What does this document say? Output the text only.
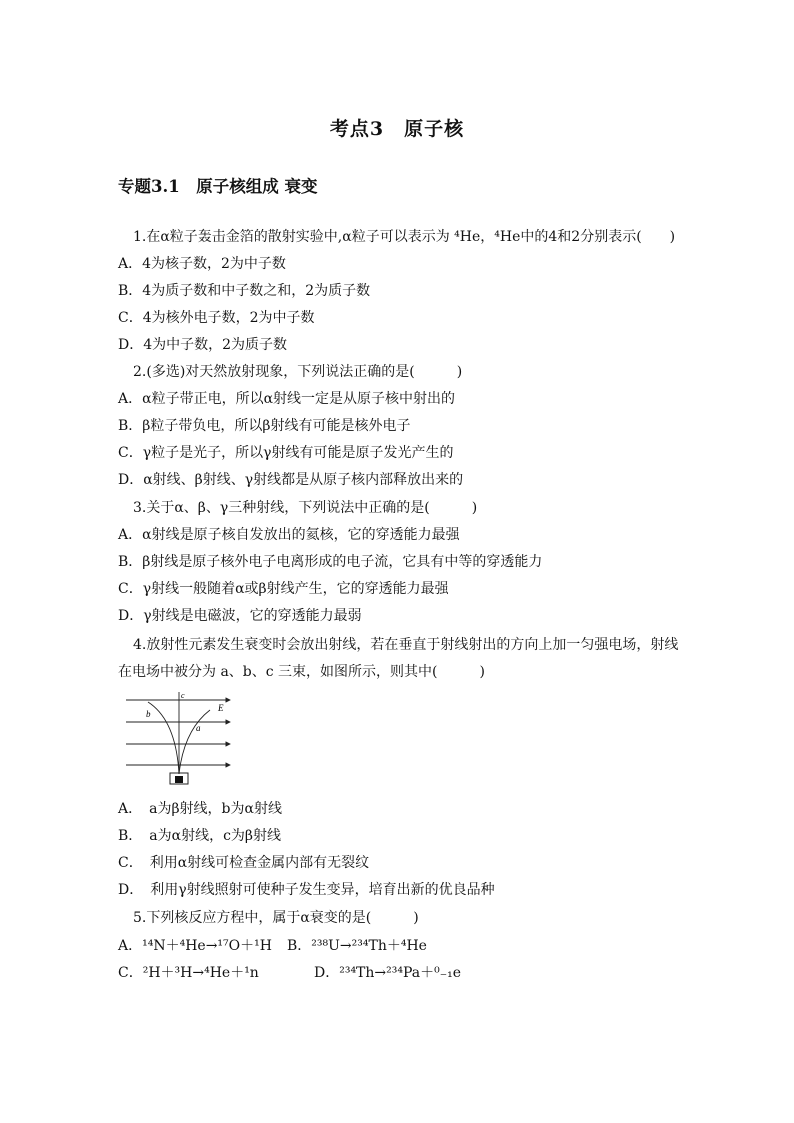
考点3　原子核
专题3.1　原子核组成 衰变
1.在α粒子轰击金箔的散射实验中,α粒子可以表示为 ⁴He，⁴He中的4和2分别表示(　　)
A．4为核子数，2为中子数
B．4为质子数和中子数之和，2为质子数
C．4为核外电子数，2为中子数
D．4为中子数，2为质子数
2.(多选)对天然放射现象，下列说法正确的是(　　　)
A．α粒子带正电，所以α射线一定是从原子核中射出的
B．β粒子带负电，所以β射线有可能是核外电子
C．γ粒子是光子，所以γ射线有可能是原子发光产生的
D．α射线、β射线、γ射线都是从原子核内部释放出来的
3.关于α、β、γ三种射线，下列说法中正确的是(　　　)
A．α射线是原子核自发放出的氦核，它的穿透能力最强
B．β射线是原子核外电子电离形成的电子流，它具有中等的穿透能力
C．γ射线一般随着α或β射线产生，它的穿透能力最强
D．γ射线是电磁波，它的穿透能力最弱
4.放射性元素发生衰变时会放出射线，若在垂直于射线射出的方向上加一匀强电场，射线
在电场中被分为 a、b、c 三束，如图所示，则其中(　　　)
c
b
a
E
A．　a为β射线，b为α射线
B．　a为α射线，c为β射线
C．　利用α射线可检查金属内部有无裂纹
D．　利用γ射线照射可使种子发生变异，培育出新的优良品种
5.下列核反应方程中，属于α衰变的是(　　　)
A．¹⁴N＋⁴He→¹⁷O＋¹H B．²³⁸U→²³⁴Th＋⁴He
C．²H＋³H→⁴He＋¹n	D．²³⁴Th→²³⁴Pa＋⁰₋₁e
